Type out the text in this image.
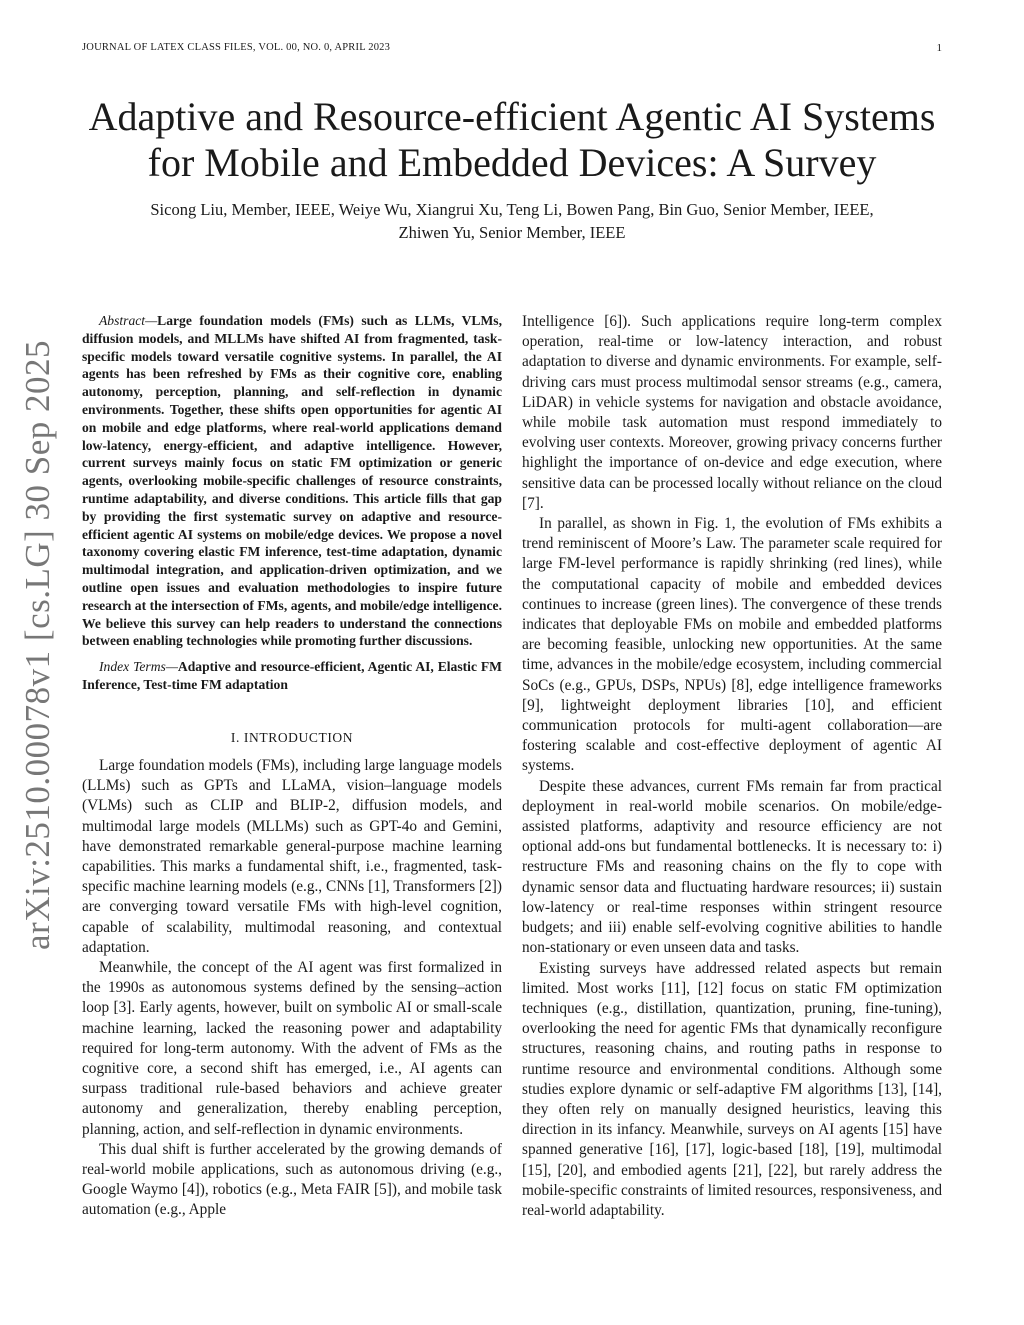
JOURNAL OF LATEX CLASS FILES, VOL. 00, NO. 0, APRIL 2023	1
arXiv:2510.00078v1 [cs.LG] 30 Sep 2025
Adaptive and Resource-efficient Agentic AI Systems
for Mobile and Embedded Devices: A Survey
Sicong Liu, Member, IEEE, Weiye Wu, Xiangrui Xu, Teng Li, Bowen Pang, Bin Guo, Senior Member, IEEE,
Zhiwen Yu, Senior Member, IEEE

Abstract—Large foundation models (FMs) such as LLMs, VLMs, diffusion models, and MLLMs have shifted AI from fragmented, task-specific models toward versatile cognitive systems. In parallel, the AI agents has been refreshed by FMs as their cognitive core, enabling autonomy, perception, planning, and self-reflection in dynamic environments. Together, these shifts open opportunities for agentic AI on mobile and edge platforms, where real-world applications demand low-latency, energy-efficient, and adaptive intelligence. However, current surveys mainly focus on static FM optimization or generic agents, overlooking mobile-specific challenges of resource constraints, runtime adaptability, and diverse conditions. This article fills that gap by providing the first systematic survey on adaptive and resource-efficient agentic AI systems on mobile/edge devices. We propose a novel taxonomy covering elastic FM inference, test-time adaptation, dynamic multimodal integration, and application-driven optimization, and we outline open issues and evaluation methodologies to inspire future research at the intersection of FMs, agents, and mobile/edge intelligence. We believe this survey can help readers to understand the connections between enabling technologies while promoting further discussions.

Index Terms—Adaptive and resource-efficient, Agentic AI, Elastic FM Inference, Test-time FM adaptation

I. INTRODUCTION

Large foundation models (FMs), including large language models (LLMs) such as GPTs and LLaMA, vision–language models (VLMs) such as CLIP and BLIP-2, diffusion models, and multimodal large models (MLLMs) such as GPT-4o and Gemini, have demonstrated remarkable general-purpose machine learning capabilities. This marks a fundamental shift, i.e., fragmented, task-specific machine learning models (e.g., CNNs [1], Transformers [2]) are converging toward versatile FMs with high-level cognition, capable of scalability, multimodal reasoning, and contextual adaptation.

Meanwhile, the concept of the AI agent was first formalized in the 1990s as autonomous systems defined by the sensing–action loop [3]. Early agents, however, built on symbolic AI or small-scale machine learning, lacked the reasoning power and adaptability required for long-term autonomy. With the advent of FMs as the cognitive core, a second shift has emerged, i.e., AI agents can surpass traditional rule-based behaviors and achieve greater autonomy and generalization, thereby enabling perception, planning, action, and self-reflection in dynamic environments.

This dual shift is further accelerated by the growing demands of real-world mobile applications, such as autonomous driving (e.g., Google Waymo [4]), robotics (e.g., Meta FAIR [5]), and mobile task automation (e.g., Apple

Intelligence [6]). Such applications require long-term complex operation, real-time or low-latency interaction, and robust adaptation to diverse and dynamic environments. For example, self-driving cars must process multimodal sensor streams (e.g., camera, LiDAR) in vehicle systems for navigation and obstacle avoidance, while mobile task automation must respond immediately to evolving user contexts. Moreover, growing privacy concerns further highlight the importance of on-device and edge execution, where sensitive data can be processed locally without reliance on the cloud [7].

In parallel, as shown in Fig. 1, the evolution of FMs exhibits a trend reminiscent of Moore’s Law. The parameter scale required for large FM-level performance is rapidly shrinking (red lines), while the computational capacity of mobile and embedded devices continues to increase (green lines). The convergence of these trends indicates that deployable FMs on mobile and embedded platforms are becoming feasible, unlocking new opportunities. At the same time, advances in the mobile/edge ecosystem, including commercial SoCs (e.g., GPUs, DSPs, NPUs) [8], edge intelligence frameworks [9], lightweight deployment libraries [10], and efficient communication protocols for multi-agent collaboration—are fostering scalable and cost-effective deployment of agentic AI systems.

Despite these advances, current FMs remain far from practical deployment in real-world mobile scenarios. On mobile/edge-assisted platforms, adaptivity and resource efficiency are not optional add-ons but fundamental bottlenecks. It is necessary to: i) restructure FMs and reasoning chains on the fly to cope with dynamic sensor data and fluctuating hardware resources; ii) sustain low-latency or real-time responses within stringent resource budgets; and iii) enable self-evolving cognitive abilities to handle non-stationary or even unseen data and tasks.

Existing surveys have addressed related aspects but remain limited. Most works [11], [12] focus on static FM optimization techniques (e.g., distillation, quantization, pruning, fine-tuning), overlooking the need for agentic FMs that dynamically reconfigure structures, reasoning chains, and routing paths in response to runtime resource and environmental conditions. Although some studies explore dynamic or self-adaptive FM algorithms [13], [14], they often rely on manually designed heuristics, leaving this direction in its infancy. Meanwhile, surveys on AI agents [15] have spanned generative [16], [17], logic-based [18], [19], multimodal [15], [20], and embodied agents [21], [22], but rarely address the mobile-specific constraints of limited resources, responsiveness, and real-world adaptability.
